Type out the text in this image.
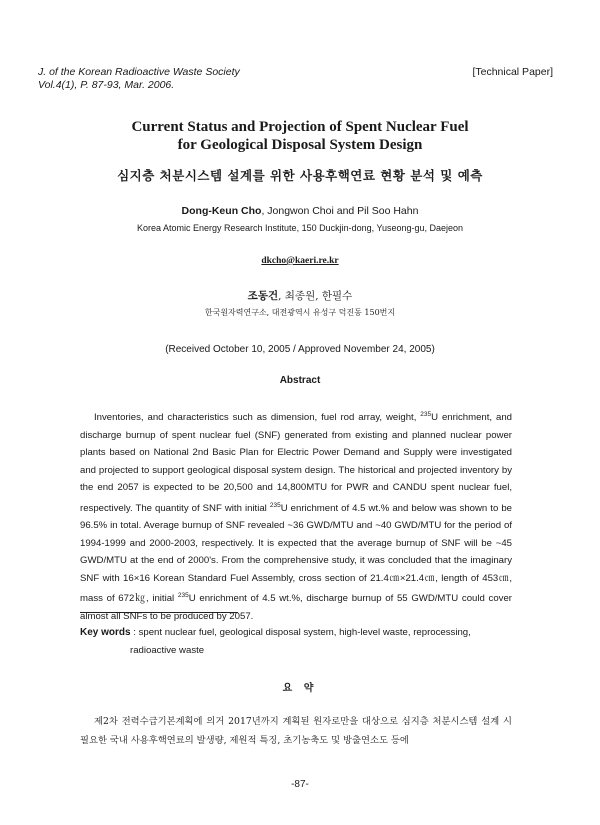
J. of the Korean Radioactive Waste Society
Vol.4(1), P. 87-93, Mar. 2006.
[Technical Paper]
Current Status and Projection of Spent Nuclear Fuel
for Geological Disposal System Design
심지층 처분시스템 설계를 위한 사용후핵연료 현황 분석 및 예측
Dong-Keun Cho, Jongwon Choi and Pil Soo Hahn
Korea Atomic Energy Research Institute, 150 Duckjin-dong, Yuseong-gu, Daejeon
dkcho@kaeri.re.kr
조동건, 최종원, 한필수
한국원자력연구소, 대전광역시 유성구 덕진동 150번지
(Received October 10, 2005 / Approved November 24, 2005)
Abstract

Inventories, and characteristics such as dimension, fuel rod array, weight, $^{235}$U enrichment, and discharge burnup of spent nuclear fuel (SNF) generated from existing and planned nuclear power plants based on National 2nd Basic Plan for Electric Power Demand and Supply were investigated and projected to support geological disposal system design. The historical and projected inventory by the end 2057 is expected to be 20,500 and 14,800MTU for PWR and CANDU spent nuclear fuel, respectively. The quantity of SNF with initial $^{235}$U enrichment of 4.5 wt.% and below was shown to be 96.5% in total. Average burnup of SNF revealed ~36 GWD/MTU and ~40 GWD/MTU for the period of 1994-1999 and 2000-2003, respectively. It is expected that the average burnup of SNF will be ~45 GWD/MTU at the end of 2000's. From the comprehensive study, it was concluded that the imaginary SNF with 16×16 Korean Standard Fuel Assembly, cross section of 21.4㎝×21.4㎝, length of 453㎝, mass of 672㎏, initial $^{235}$U enrichment of 4.5 wt.%, discharge burnup of 55 GWD/MTU could cover almost all SNFs to be produced by 2057.

Key words : spent nuclear fuel, geological disposal system, high-level waste, reprocessing,
radioactive waste
요 약

제2차 전력수급기본계획에 의거 2017년까지 계획된 원자로만을 대상으로 심지층 처분시스템 설계 시 필요한 국내 사용후핵연료의 발생량, 제원적 특징, 초기농축도 및 방출연소도 등에

-87-
